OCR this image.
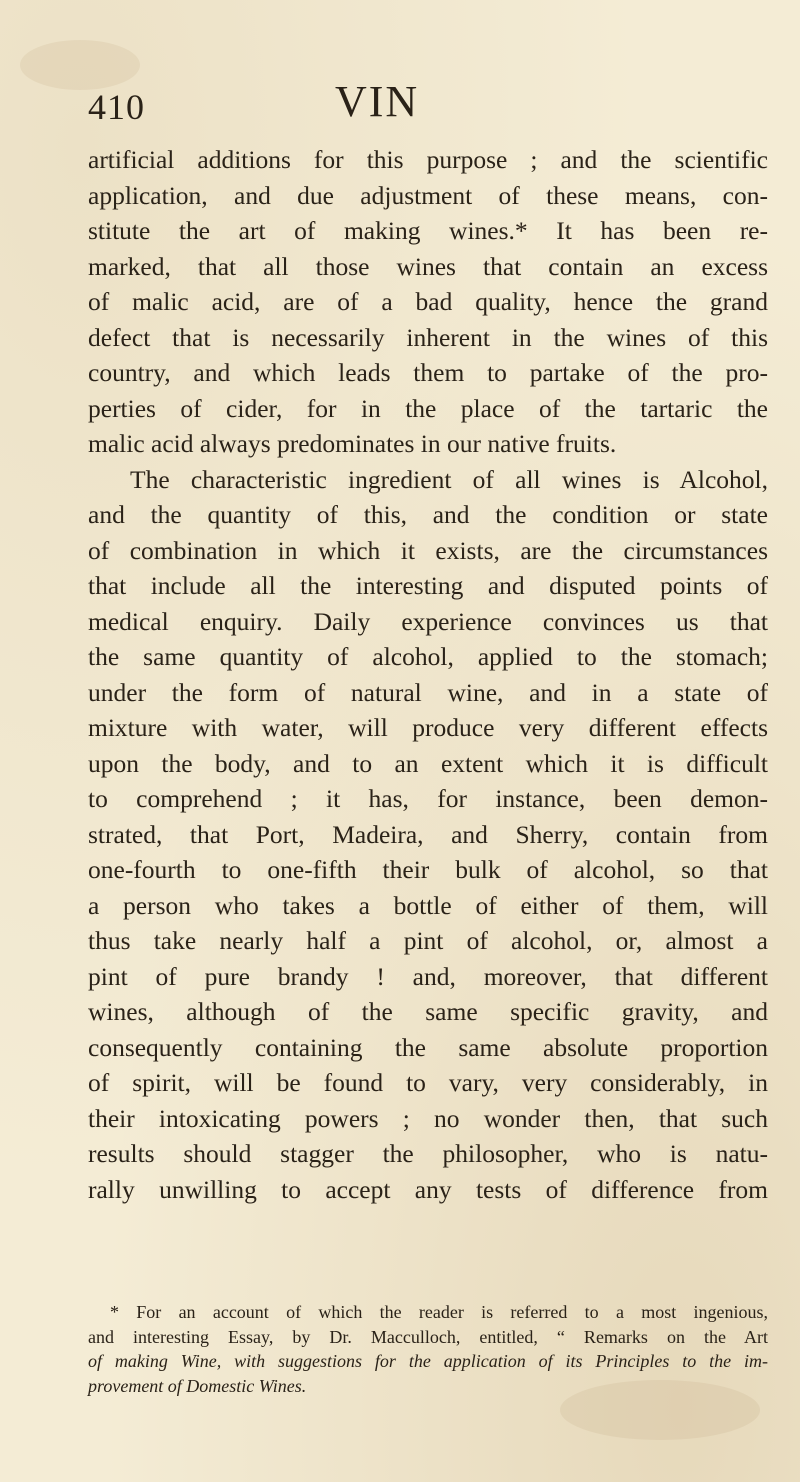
410	VIN
artificial additions for this purpose ; and the scientific
application, and due adjustment of these means, con-
stitute the art of making wines.* It has been re-
marked, that all those wines that contain an excess
of malic acid, are of a bad quality, hence the grand
defect that is necessarily inherent in the wines of this
country, and which leads them to partake of the pro-
perties of cider, for in the place of the tartaric the
malic acid always predominates in our native fruits.
The characteristic ingredient of all wines is Alcohol,
and the quantity of this, and the condition or state
of combination in which it exists, are the circumstances
that include all the interesting and disputed points of
medical enquiry. Daily experience convinces us that
the same quantity of alcohol, applied to the stomach;
under the form of natural wine, and in a state of
mixture with water, will produce very different effects
upon the body, and to an extent which it is difficult
to comprehend ; it has, for instance, been demon-
strated, that Port, Madeira, and Sherry, contain from
one-fourth to one-fifth their bulk of alcohol, so that
a person who takes a bottle of either of them, will
thus take nearly half a pint of alcohol, or, almost a
pint of pure brandy ! and, moreover, that different
wines, although of the same specific gravity, and
consequently containing the same absolute proportion
of spirit, will be found to vary, very considerably, in
their intoxicating powers ; no wonder then, that such
results should stagger the philosopher, who is natu-
rally unwilling to accept any tests of difference from
* For an account of which the reader is referred to a most ingenious,
and interesting Essay, by Dr. Macculloch, entitled, “ Remarks on the Art
of making Wine, with suggestions for the application of its Principles to the im-
provement of Domestic Wines.
